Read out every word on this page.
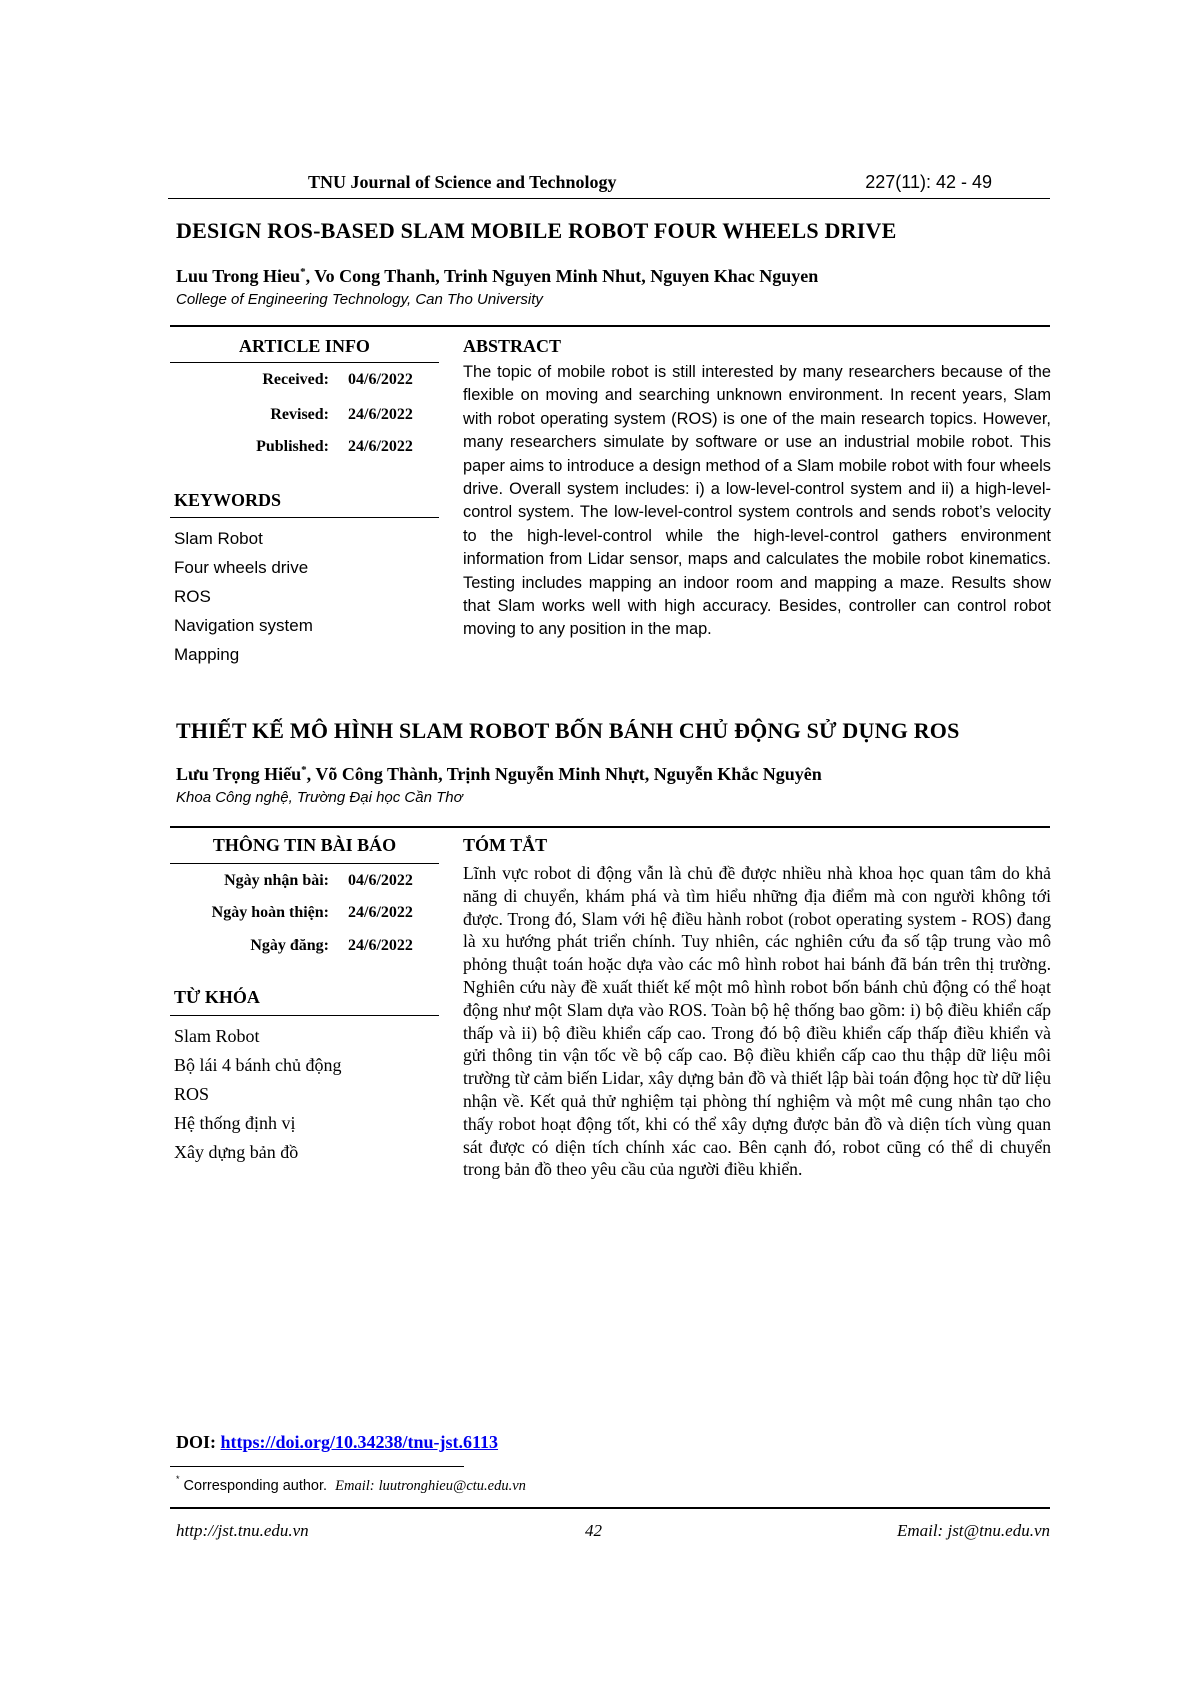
TNU Journal of Science and Technology	227(11): 42 - 49
DESIGN ROS-BASED SLAM MOBILE ROBOT FOUR WHEELS DRIVE
Luu Trong Hieu*, Vo Cong Thanh, Trinh Nguyen Minh Nhut, Nguyen Khac Nguyen
College of Engineering Technology, Can Tho University
ARTICLE INFO	ABSTRACT
Received: 04/6/2022
Revised: 24/6/2022
Published: 24/6/2022
KEYWORDS
Slam Robot
Four wheels drive
ROS
Navigation system
Mapping
The topic of mobile robot is still interested by many researchers because of the flexible on moving and searching unknown environment. In recent years, Slam with robot operating system (ROS) is one of the main research topics. However, many researchers simulate by software or use an industrial mobile robot. This paper aims to introduce a design method of a Slam mobile robot with four wheels drive. Overall system includes: i) a low-level-control system and ii) a high-level-control system. The low-level-control system controls and sends robot’s velocity to the high-level-control while the high-level-control gathers environment information from Lidar sensor, maps and calculates the mobile robot kinematics. Testing includes mapping an indoor room and mapping a maze. Results show that Slam works well with high accuracy. Besides, controller can control robot moving to any position in the map.
THIẾT KẾ MÔ HÌNH SLAM ROBOT BỐN BÁNH CHỦ ĐỘNG SỬ DỤNG ROS
Lưu Trọng Hiếu*, Võ Công Thành, Trịnh Nguyễn Minh Nhựt, Nguyễn Khắc Nguyên
Khoa Công nghệ, Trường Đại học Cần Thơ
THÔNG TIN BÀI BÁO	TÓM TẮT
Ngày nhận bài: 04/6/2022
Ngày hoàn thiện: 24/6/2022
Ngày đăng: 24/6/2022
TỪ KHÓA
Slam Robot
Bộ lái 4 bánh chủ động
ROS
Hệ thống định vị
Xây dựng bản đồ
Lĩnh vực robot di động vẫn là chủ đề được nhiều nhà khoa học quan tâm do khả năng di chuyển, khám phá và tìm hiểu những địa điểm mà con người không tới được. Trong đó, Slam với hệ điều hành robot (robot operating system - ROS) đang là xu hướng phát triển chính. Tuy nhiên, các nghiên cứu đa số tập trung vào mô phỏng thuật toán hoặc dựa vào các mô hình robot hai bánh đã bán trên thị trường. Nghiên cứu này đề xuất thiết kế một mô hình robot bốn bánh chủ động có thể hoạt động như một Slam dựa vào ROS. Toàn bộ hệ thống bao gồm: i) bộ điều khiển cấp thấp và ii) bộ điều khiển cấp cao. Trong đó bộ điều khiển cấp thấp điều khiển và gửi thông tin vận tốc về bộ cấp cao. Bộ điều khiển cấp cao thu thập dữ liệu môi trường từ cảm biến Lidar, xây dựng bản đồ và thiết lập bài toán động học từ dữ liệu nhận về. Kết quả thử nghiệm tại phòng thí nghiệm và một mê cung nhân tạo cho thấy robot hoạt động tốt, khi có thể xây dựng được bản đồ và diện tích vùng quan sát được có diện tích chính xác cao. Bên cạnh đó, robot cũng có thể di chuyển trong bản đồ theo yêu cầu của người điều khiển.
DOI: https://doi.org/10.34238/tnu-jst.6113
* Corresponding author. Email: luutronghieu@ctu.edu.vn
http://jst.tnu.edu.vn	42	Email: jst@tnu.edu.vn
